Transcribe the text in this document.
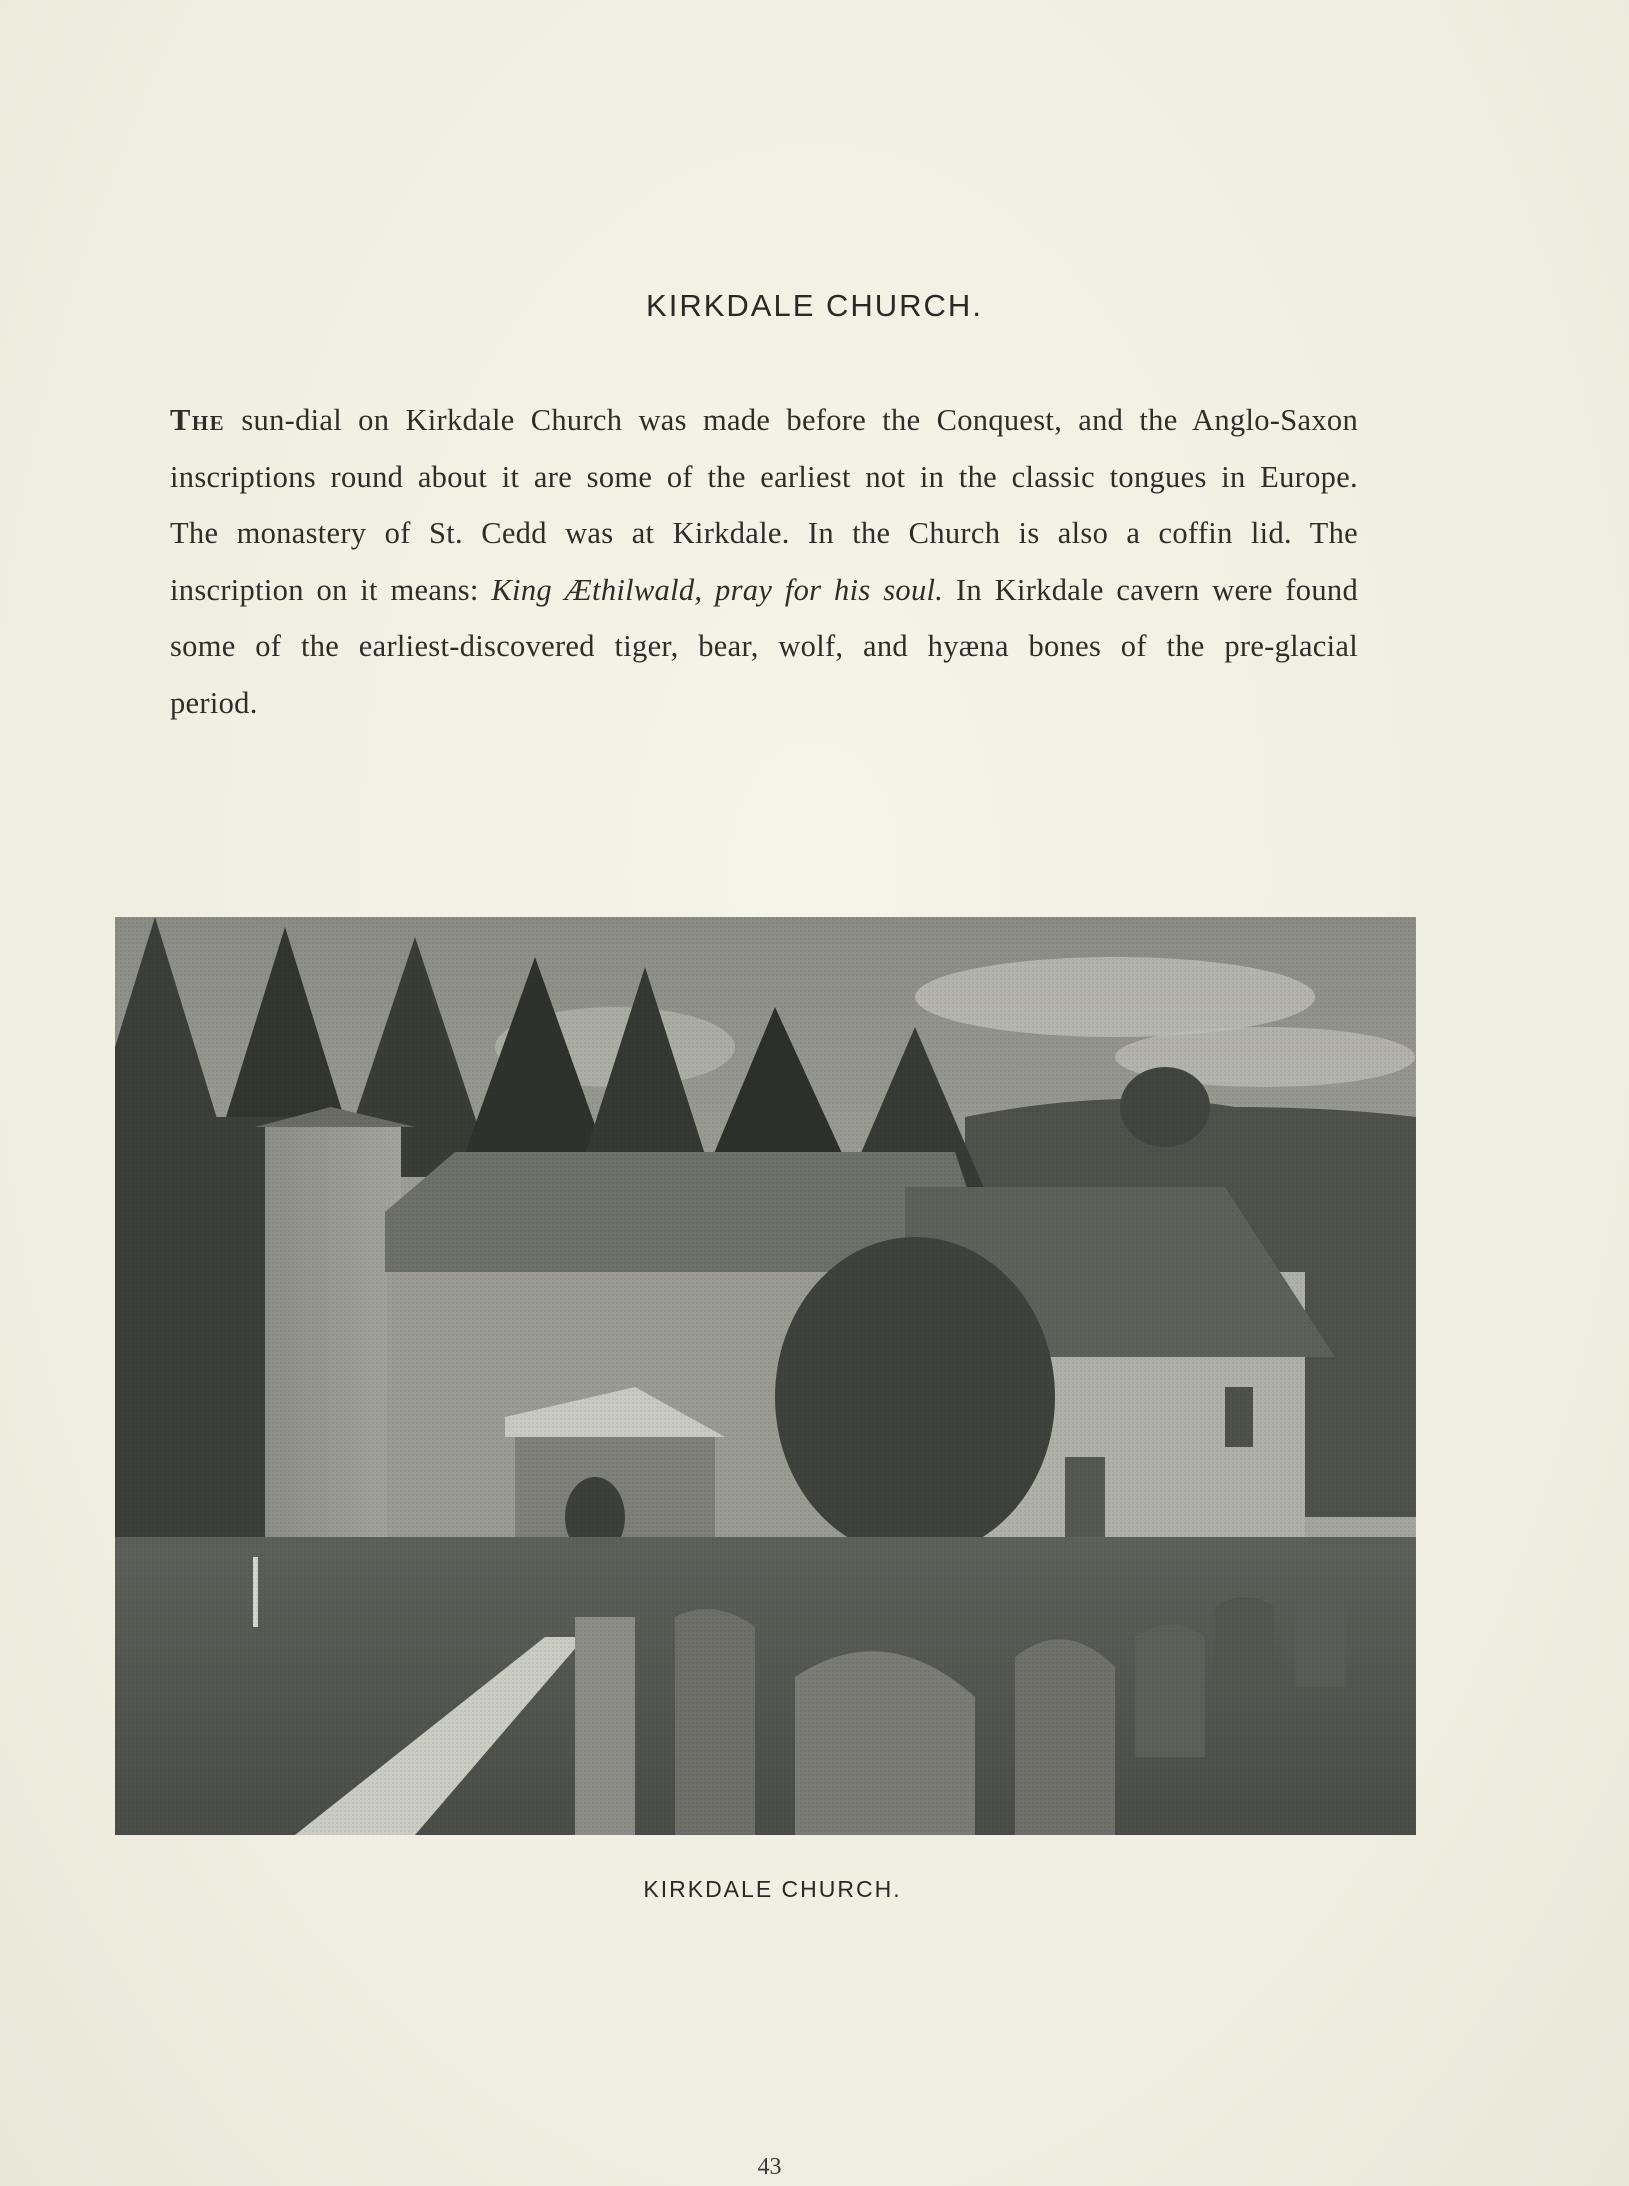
KIRKDALE CHURCH.

The sun-dial on Kirkdale Church was made before the Conquest, and the Anglo-Saxon inscriptions round about it are some of the earliest not in the classic tongues in Europe. The monastery of St. Cedd was at Kirkdale. In the Church is also a coffin lid. The inscription on it means: King Æthilwald, pray for his soul. In Kirkdale cavern were found some of the earliest-discovered tiger, bear, wolf, and hyæna bones of the pre-glacial period.

KIRKDALE CHURCH.
43
